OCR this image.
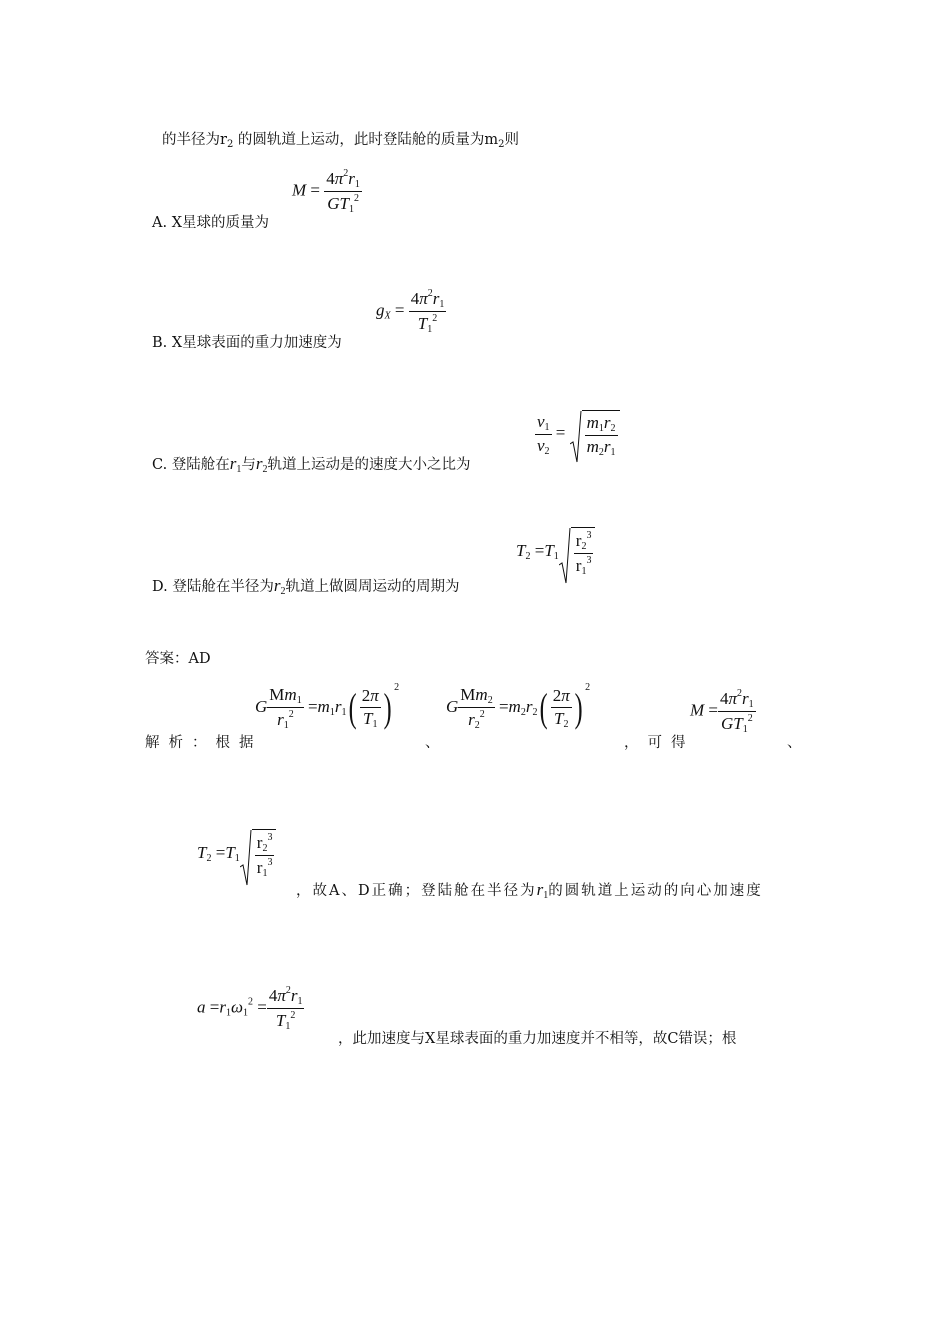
的半径为$r_2$ 的圆轨道上运动，此时登陆舱的质量为$m_2$则
A. X星球的质量为
$M = \frac{4\pi^2r_1}{GT_1^2}$
B. X星球表面的重力加速度为
$g_X = \frac{4\pi^2r_1}{T_1^2}$
C. 登陆舱在$r_1$与$r_2$轨道上运动是的速度大小之比为
$\frac{v_1}{v_2} = \frac{m_1r_2}{m_2r_1}$
D. 登陆舱在半径为$r_2$轨道上做圆周运动的周期为
$T_2 =T_1 \frac{r_2^3}{r_1^3}$
答案：AD
解析：根据
G $\frac{Mm_1}{r_1^2} =m_1r_1( \frac{2\pi}{T_1}$ ) $^2$
、
G $\frac{Mm_2}{r_2^2} =m_2r_2( \frac{2\pi}{T_2}$ ) $^2$
，可得
$M = \frac{4\pi^2r_1}{GT_1^2}$
、
$T_2 =T_1 \frac{r_2^3}{r_1^3}$
，故A、D正确；登陆舱在半径为$r_1$的圆轨道上运动的向心加速度
$a =r_1\omega_1^2 = \frac{4\pi^2r_1}{T_1^2}$
，此加速度与X星球表面的重力加速度并不相等，故C错误；根
